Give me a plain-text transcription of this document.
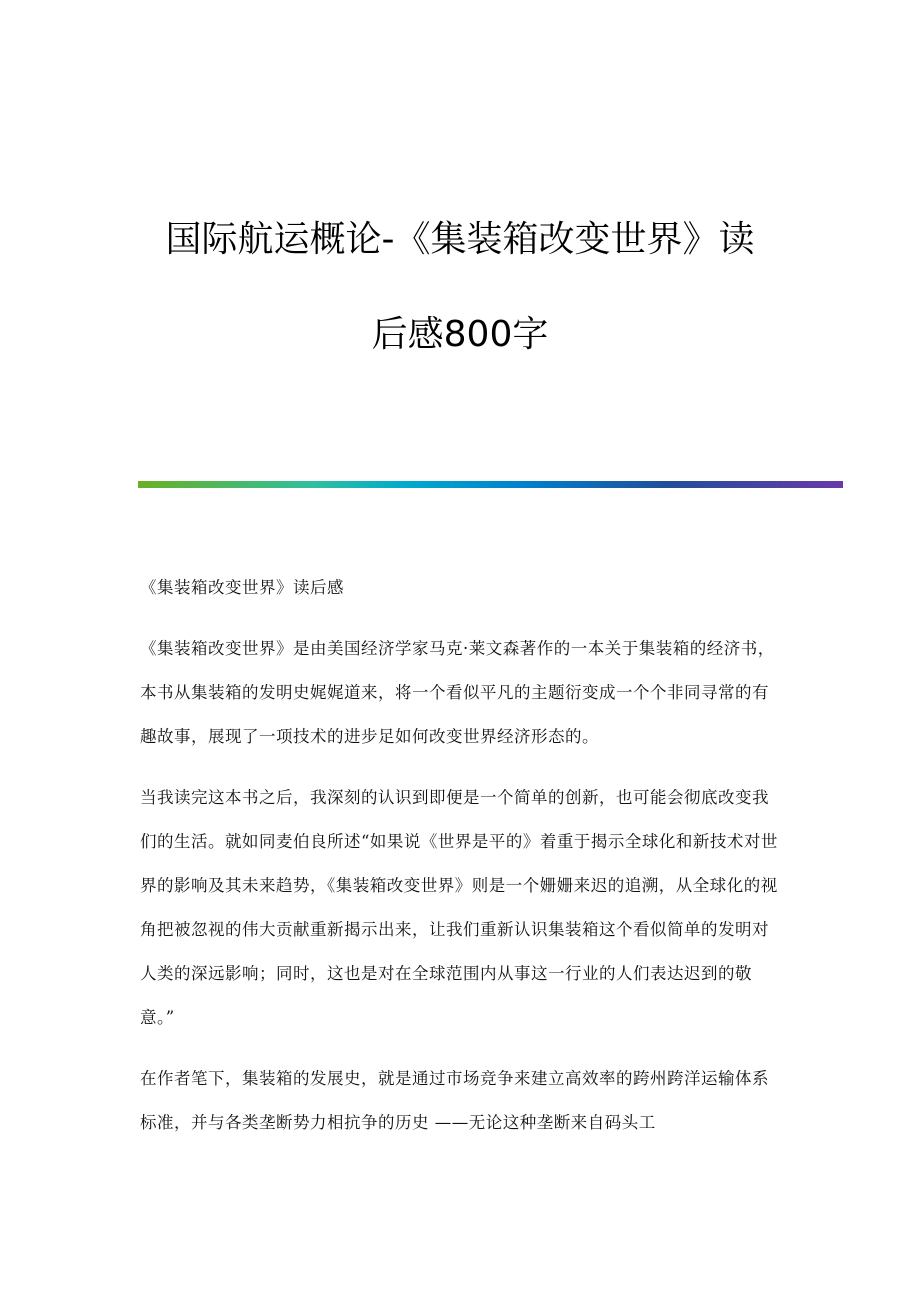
国际航运概论-《集装箱改变世界》读
后感800字

《集装箱改变世界》读后感

《集装箱改变世界》是由美国经济学家马克·莱文森著作的一本关于集装箱的经济书，本书从集装箱的发明史娓娓道来，将一个看似平凡的主题衍变成一个个非同寻常的有趣故事，展现了一项技术的进步足如何改变世界经济形态的。

当我读完这本书之后，我深刻的认识到即便是一个简单的创新，也可能会彻底改变我们的生活。就如同麦伯良所述“如果说《世界是平的》着重于揭示全球化和新技术对世界的影响及其未来趋势，《集装箱改变世界》则是一个姗姗来迟的追溯，从全球化的视角把被忽视的伟大贡献重新揭示出来，让我们重新认识集装箱这个看似简单的发明对人类的深远影响；同时，这也是对在全球范围内从事这一行业的人们表达迟到的敬意。”

在作者笔下，集装箱的发展史，就是通过市场竞争来建立高效率的跨州跨洋运输体系标准，并与各类垄断势力相抗争的历史 ——无论这种垄断来自码头工
